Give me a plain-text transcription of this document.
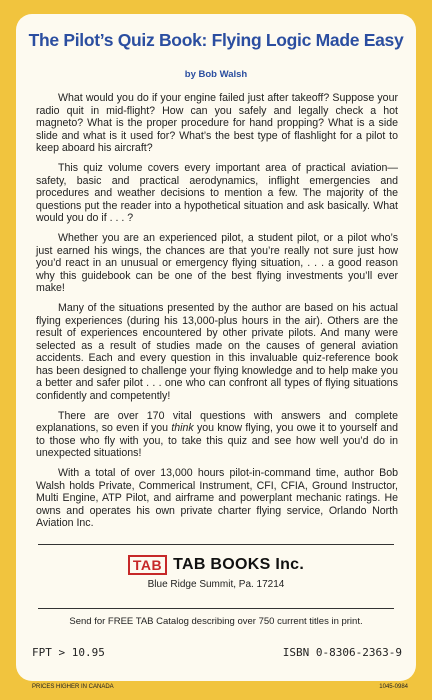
The Pilot’s Quiz Book: Flying Logic Made Easy
by Bob Walsh

What would you do if your engine failed just after takeoff? Suppose your radio quit in mid-flight? How can you safely and legally check a hot magneto? What is the proper procedure for hand propping? What is a side slide and what is it used for? What’s the best type of flashlight for a pilot to keep aboard his aircraft?

This quiz volume covers every important area of practical aviation—safety, basic and practical aerodynamics, inflight emergencies and procedures and weather decisions to mention a few. The majority of the questions put the reader into a hypothetical situation and ask basically. What would you do if . . . ?

Whether you are an experienced pilot, a student pilot, or a pilot who’s just earned his wings, the chances are that you’re really not sure just how you’d react in an unusual or emergency flying situation, . . . a good reason why this guidebook can be one of the best flying investments you’ll ever make!

Many of the situations presented by the author are based on his actual flying experiences (during his 13,000-plus hours in the air). Others are the result of experiences encountered by other private pilots. And many were selected as a result of studies made on the causes of general aviation accidents. Each and every question in this invaluable quiz-reference book has been designed to challenge your flying knowledge and to help make you a better and safer pilot . . . one who can confront all types of flying situations confidently and competently!

There are over 170 vital questions with answers and complete explanations, so even if you think you know flying, you owe it to yourself and to those who fly with you, to take this quiz and see how well you’d do in unexpected situations!

With a total of over 13,000 hours pilot-in-command time, author Bob Walsh holds Private, Commerical Instrument, CFI, CFIA, Ground Instructor, Multi Engine, ATP Pilot, and airframe and powerplant mechanic ratings. He owns and operates his own private charter flying service, Orlando North Aviation Inc.

TAB TAB BOOKS Inc.
Blue Ridge Summit, Pa. 17214
Send for FREE TAB Catalog describing over 750 current titles in print.
FPT > 10.95	ISBN 0-8306-2363-9
PRICES HIGHER IN CANADA	1045-0984
